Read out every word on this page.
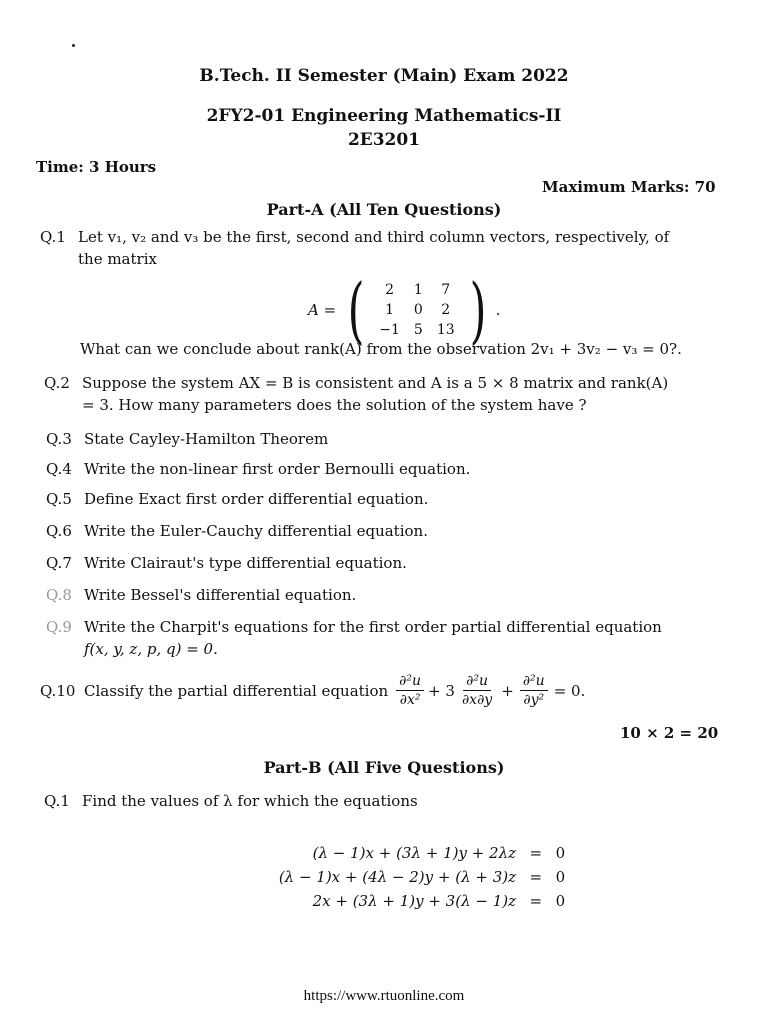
B.Tech. II Semester (Main) Exam 2022
2FY2-01 Engineering Mathematics-II
2E3201
Time: 3 Hours
Maximum Marks: 70
Part-A (All Ten Questions)
Q.1 Let v₁, v₂ and v₃ be the first, second and third column vectors, respectively, of
the matrix
A = ( 2	1	7
1	0	2
−1	5	13 ) .
What can we conclude about rank(A) from the observation 2v₁ + 3v₂ − v₃ = 0?.
Q.2 Suppose the system AX = B is consistent and A is a 5 × 8 matrix and rank(A)
= 3. How many parameters does the solution of the system have ?
Q.3 State Cayley-Hamilton Theorem
Q.4 Write the non-linear first order Bernoulli equation.
Q.5 Define Exact first order differential equation.
Q.6 Write the Euler-Cauchy differential equation.
Q.7 Write Clairaut's type differential equation.
Q.8 Write Bessel's differential equation.
Q.9 Write the Charpit's equations for the first order partial differential equation
f(x, y, z, p, q) = 0.
Q.10 Classify the partial differential equation $\frac{\text{∂²u}}{\text{∂x²}} + 3 \frac{\text{∂²u}}{\partial x\partial y} + \frac{\text{∂²u}}{\text{∂y²}} = 0$.
10 × 2 = 20
Part-B (All Five Questions)
Q.1 Find the values of λ for which the equations
(λ − 1)x + (3λ + 1)y + 2λz = 0
(λ − 1)x + (4λ − 2)y + (λ + 3)z = 0
2x + (3λ + 1)y + 3(λ − 1)z = 0
https://www.rtuonline.com
